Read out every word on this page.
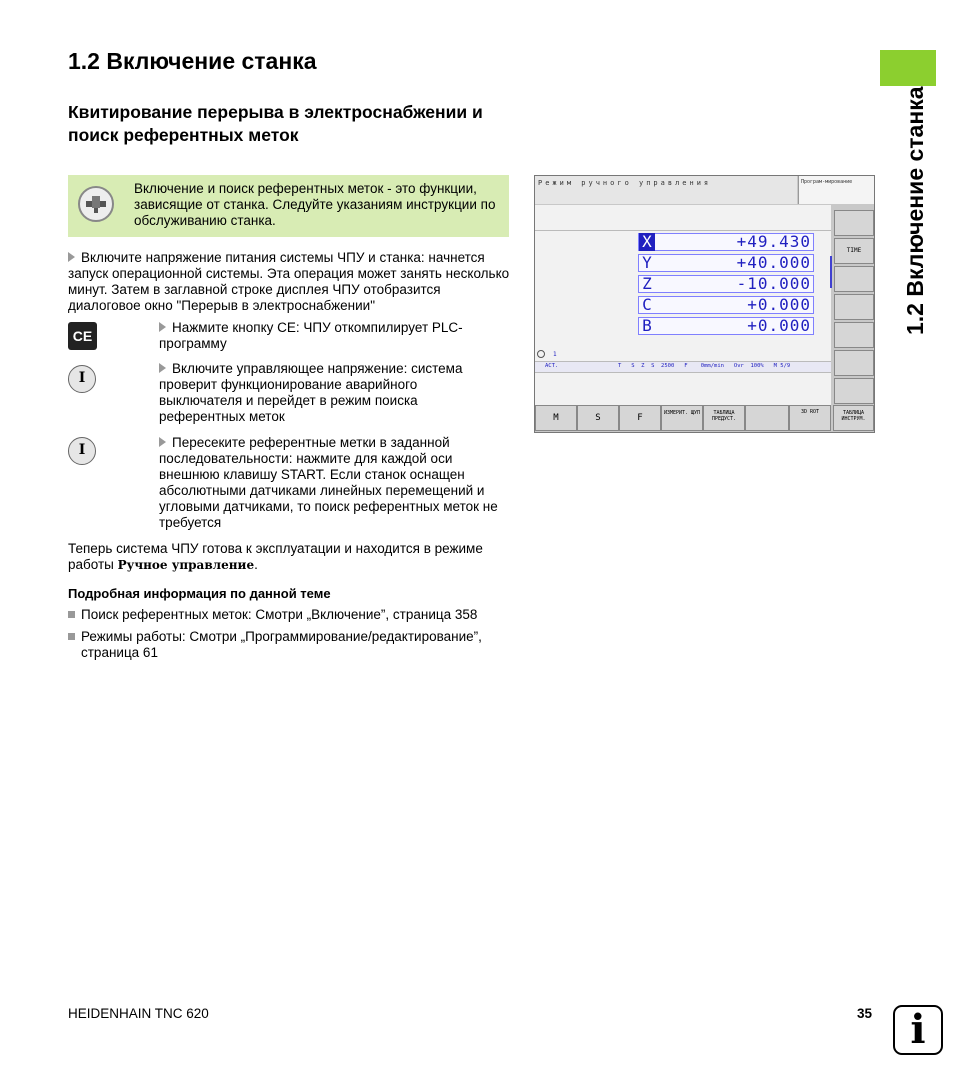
1.2 Включение станка
Квитирование перерыва в электроснабжении и поиск референтных меток	1.2 Включение станка
Включение и поиск референтных меток - это функции, зависящие от станка. Следуйте указаниям инструкции по обслуживанию станка.
Включите напряжение питания системы ЧПУ и станка: начнется запуск операционной системы. Эта операция может занять несколько минут. Затем в заглавной строке дисплея ЧПУ отобразится диалоговое окно "Перерыв в электроснабжении"
CE
Нажмите кнопку CE: ЧПУ откомпилирует PLC-программу
I
Включите управляющее напряжение: система проверит функционирование аварийного выключателя и перейдет в режим поиска референтных меток
I	Пересеките референтные метки в заданной последовательности: нажмите для каждой оси внешнюю клавишу START. Если станок оснащен абсолютными датчиками линейных перемещений и угловыми датчиками, то поиск референтных меток не требуется
Теперь система ЧПУ готова к эксплуатации и находится в режиме работы Ручное управление.
Подробная информация по данной теме
Поиск референтных меток: Смотри „Включение”, страница 358
Режимы работы: Смотри „Программирование/редактирование”, страница 61
Режим ручного управления	Програм-мирование
X	+49.430
Y	+40.000
Z	-10.000
C	+0.000
B	+0.000
1
ACT.	T   S  Z  S  2500   F    0mm/min   Ovr  100%   M 5/9
TIME
M	S	F	ИЗМЕРИТ. ЩУП	ТАБЛИЦА ПРЕДУСТ.
3D ROT	ТАБЛИЦА ИНСТРУМ.
HEIDENHAIN TNC 620	35 i
